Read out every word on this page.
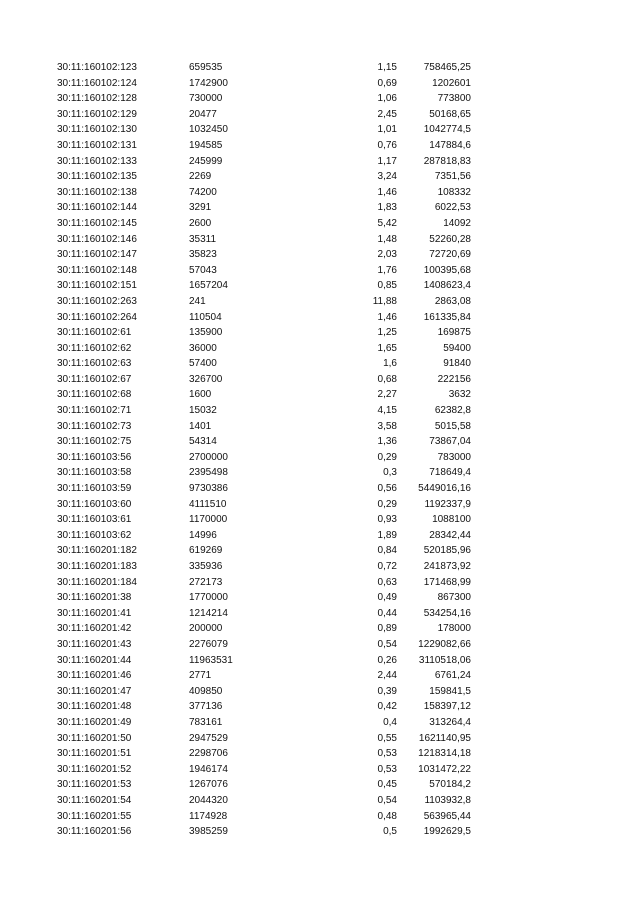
30:11:160102:123	659535	1,15	758465,25
30:11:160102:124	1742900	0,69	1202601
30:11:160102:128	730000	1,06	773800
30:11:160102:129	20477	2,45	50168,65
30:11:160102:130	1032450	1,01	1042774,5
30:11:160102:131	194585	0,76	147884,6
30:11:160102:133	245999	1,17	287818,83
30:11:160102:135	2269	3,24	7351,56
30:11:160102:138	74200	1,46	108332
30:11:160102:144	3291	1,83	6022,53
30:11:160102:145	2600	5,42	14092
30:11:160102:146	35311	1,48	52260,28
30:11:160102:147	35823	2,03	72720,69
30:11:160102:148	57043	1,76	100395,68
30:11:160102:151	1657204	0,85	1408623,4
30:11:160102:263	241	11,88	2863,08
30:11:160102:264	110504	1,46	161335,84
30:11:160102:61	135900	1,25	169875
30:11:160102:62	36000	1,65	59400
30:11:160102:63	57400	1,6	91840
30:11:160102:67	326700	0,68	222156
30:11:160102:68	1600	2,27	3632
30:11:160102:71	15032	4,15	62382,8
30:11:160102:73	1401	3,58	5015,58
30:11:160102:75	54314	1,36	73867,04
30:11:160103:56	2700000	0,29	783000
30:11:160103:58	2395498	0,3	718649,4
30:11:160103:59	9730386	0,56	5449016,16
30:11:160103:60	4111510	0,29	1192337,9
30:11:160103:61	1170000	0,93	1088100
30:11:160103:62	14996	1,89	28342,44
30:11:160201:182	619269	0,84	520185,96
30:11:160201:183	335936	0,72	241873,92
30:11:160201:184	272173	0,63	171468,99
30:11:160201:38	1770000	0,49	867300
30:11:160201:41	1214214	0,44	534254,16
30:11:160201:42	200000	0,89	178000
30:11:160201:43	2276079	0,54	1229082,66
30:11:160201:44	11963531	0,26	3110518,06
30:11:160201:46	2771	2,44	6761,24
30:11:160201:47	409850	0,39	159841,5
30:11:160201:48	377136	0,42	158397,12
30:11:160201:49	783161	0,4	313264,4
30:11:160201:50	2947529	0,55	1621140,95
30:11:160201:51	2298706	0,53	1218314,18
30:11:160201:52	1946174	0,53	1031472,22
30:11:160201:53	1267076	0,45	570184,2
30:11:160201:54	2044320	0,54	1103932,8
30:11:160201:55	1174928	0,48	563965,44
30:11:160201:56	3985259	0,5	1992629,5
